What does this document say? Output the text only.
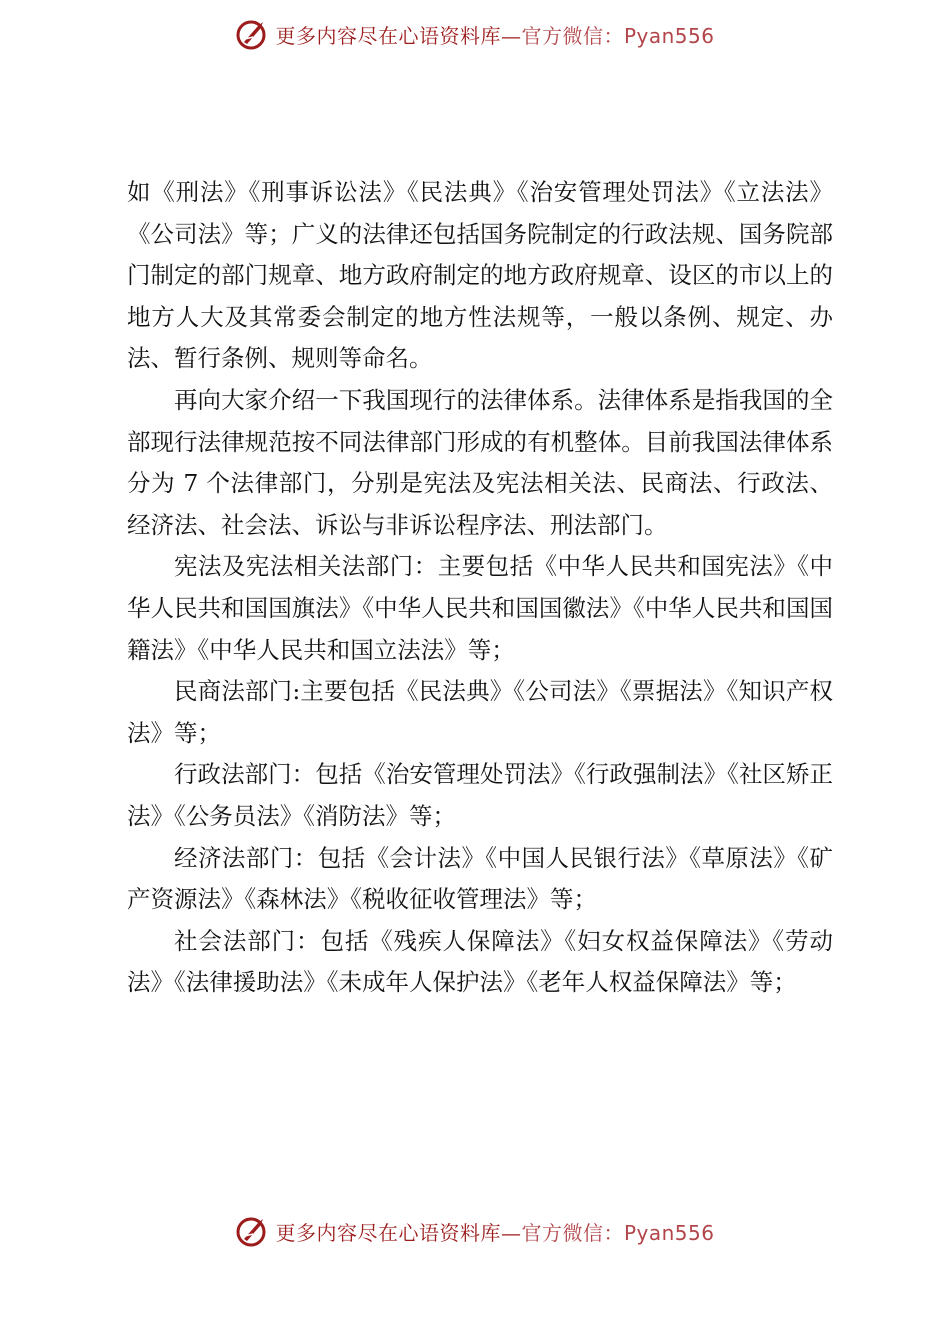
更多内容尽在心语资料库—官方微信：Pyan556

如《刑法》《刑事诉讼法》《民法典》《治安管理处罚法》《立法法》《公司法》等；广义的法律还包括国务院制定的行政法规、国务院部门制定的部门规章、地方政府制定的地方政府规章、设区的市以上的地方人大及其常委会制定的地方性法规等，一般以条例、规定、办法、暂行条例、规则等命名。

再向大家介绍一下我国现行的法律体系。法律体系是指我国的全部现行法律规范按不同法律部门形成的有机整体。目前我国法律体系分为 7 个法律部门，分别是宪法及宪法相关法、民商法、行政法、经济法、社会法、诉讼与非诉讼程序法、刑法部门。

宪法及宪法相关法部门：主要包括《中华人民共和国宪法》《中华人民共和国国旗法》《中华人民共和国国徽法》《中华人民共和国国籍法》《中华人民共和国立法法》等；

民商法部门:主要包括《民法典》《公司法》《票据法》《知识产权法》等；

行政法部门：包括《治安管理处罚法》《行政强制法》《社区矫正法》《公务员法》《消防法》等；

经济法部门：包括《会计法》《中国人民银行法》《草原法》《矿产资源法》《森林法》《税收征收管理法》等；

社会法部门：包括《残疾人保障法》《妇女权益保障法》《劳动法》《法律援助法》《未成年人保护法》《老年人权益保障法》等；

更多内容尽在心语资料库—官方微信：Pyan556
